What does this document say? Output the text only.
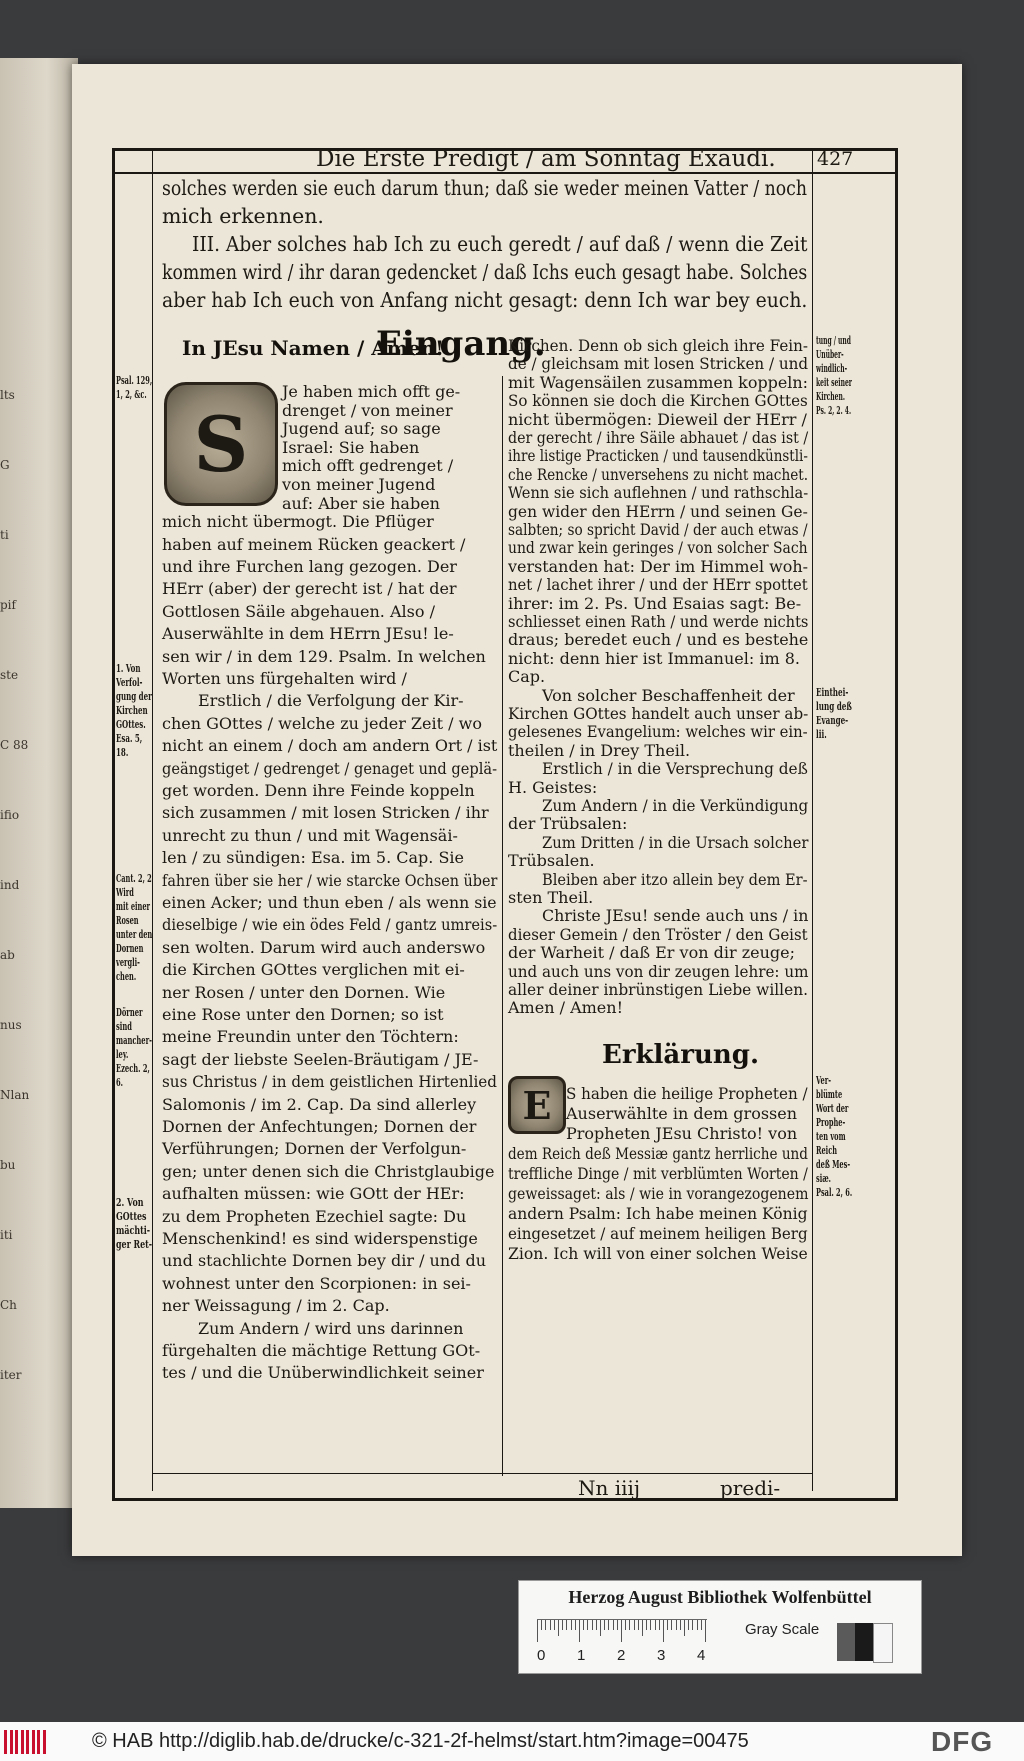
lts
G
ti
pif
ste
C 88
ifio
ind
ab
nus
Nlan
bu
iti
Ch
iter
Die Erste Predigt / am Sonntag Exaudi. 427
solches werden sie euch darum thun; daß sie weder meinen Vatter / noch
mich erkennen.
III. Aber solches hab Ich zu euch geredt / auf daß / wenn die Zeit
kommen wird / ihr daran gedencket / daß Ichs euch gesagt habe. Solches
aber hab Ich euch von Anfang nicht gesagt: denn Ich war bey euch.
Eingang.
In JEsu Namen / Amen!
S
Je haben mich offt ge-
drenget / von meiner
Jugend auf; so sage
Israel: Sie haben
mich offt gedrenget /
von meiner Jugend
auf: Aber sie haben
mich nicht übermogt. Die Pflüger
haben auf meinem Rücken geackert /
und ihre Furchen lang gezogen. Der
HErr (aber) der gerecht ist / hat der
Gottlosen Säile abgehauen. Also /
Auserwählte in dem HErrn JEsu! le-
sen wir / in dem 129. Psalm. In welchen
Worten uns fürgehalten wird /
Erstlich / die Verfolgung der Kir-
chen GOttes / welche zu jeder Zeit / wo
nicht an einem / doch am andern Ort / ist
geängstiget / gedrenget / genaget und geplä-
get worden. Denn ihre Feinde koppeln
sich zusammen / mit losen Stricken / ihr
unrecht zu thun / und mit Wagensäi-
len / zu sündigen: Esa. im 5. Cap. Sie
fahren über sie her / wie starcke Ochsen über
einen Acker; und thun eben / als wenn sie
dieselbige / wie ein ödes Feld / gantz umreis-
sen wolten. Darum wird auch anderswo
die Kirchen GOttes verglichen mit ei-
ner Rosen / unter den Dornen. Wie
eine Rose unter den Dornen; so ist
meine Freundin unter den Töchtern:
sagt der liebste Seelen-Bräutigam / JE-
sus Christus / in dem geistlichen Hirtenlied
Salomonis / im 2. Cap. Da sind allerley
Dornen der Anfechtungen; Dornen der
Verführungen; Dornen der Verfolgun-
gen; unter denen sich die Christglaubige
aufhalten müssen: wie GOtt der HEr:
zu dem Propheten Ezechiel sagte: Du
Menschenkind! es sind widerspenstige
und stachlichte Dornen bey dir / und du
wohnest unter den Scorpionen: in sei-
ner Weissagung / im 2. Cap.
Zum Andern / wird uns darinnen
fürgehalten die mächtige Rettung GOt-
tes / und die Unüberwindlichkeit seiner
Erklärung.
E
Kirchen. Denn ob sich gleich ihre Fein-
de / gleichsam mit losen Stricken / und
mit Wagensäilen zusammen koppeln:
So können sie doch die Kirchen GOttes
nicht übermögen: Dieweil der HErr /
der gerecht / ihre Säile abhauet / das ist /
ihre listige Practicken / und tausendkünstli-
che Rencke / unversehens zu nicht machet.
Wenn sie sich auflehnen / und rathschla-
gen wider den HErrn / und seinen Ge-
salbten; so spricht David / der auch etwas /
und zwar kein geringes / von solcher Sach
verstanden hat: Der im Himmel woh-
net / lachet ihrer / und der HErr spottet
ihrer: im 2. Ps. Und Esaias sagt: Be-
schliesset einen Rath / und werde nichts
draus; beredet euch / und es bestehe
nicht: denn hier ist Immanuel: im 8.
Cap.
Von solcher Beschaffenheit der
Kirchen GOttes handelt auch unser ab-
gelesenes Evangelium: welches wir ein-
theilen / in Drey Theil.
Erstlich / in die Versprechung deß
H. Geistes:
Zum Andern / in die Verkündigung
der Trübsalen:
Zum Dritten / in die Ursach solcher
Trübsalen.
Bleiben aber itzo allein bey dem Er-
sten Theil.
Christe JEsu! sende auch uns / in
dieser Gemein / den Tröster / den Geist
der Warheit / daß Er von dir zeuge;
und auch uns von dir zeugen lehre: um
aller deiner inbrünstigen Liebe willen.
Amen / Amen!
S haben die heilige Propheten /
Auserwählte in dem grossen
Propheten JEsu Christo! von
dem Reich deß Messiæ gantz herrliche und
treffliche Dinge / mit verblümten Worten /
geweissaget: als / wie in vorangezogenem
andern Psalm: Ich habe meinen König
eingesetzet / auf meinem heiligen Berg
Zion. Ich will von einer solchen Weise
Psal. 129,
1, 2, &c.
1. Von
Verfol-
gung der
Kirchen
GOttes.
Esa. 5,
18.
Cant. 2, 2
Wird
mit einer
Rosen
unter den
Dornen
vergli-
chen.
Dörner
sind
mancher-
ley.
Ezech. 2,
6.
2. Von
GOttes
mächti-
ger Ret-
tung / und
Unüber-
windlich-
keit seiner
Kirchen.
Ps. 2, 2. 4.
Einthei-
lung deß
Evange-
lii.
Ver-
blümte
Wort der
Prophe-
ten vom
Reich
deß Mes-
siæ.
Psal. 2, 6.
Nn iiij	predi-
Herzog August Bibliothek Wolfenbüttel
0 1 2 3 4
Gray Scale
© HAB http://diglib.hab.de/drucke/c-321-2f-helmst/start.htm?image=00475	DFG
